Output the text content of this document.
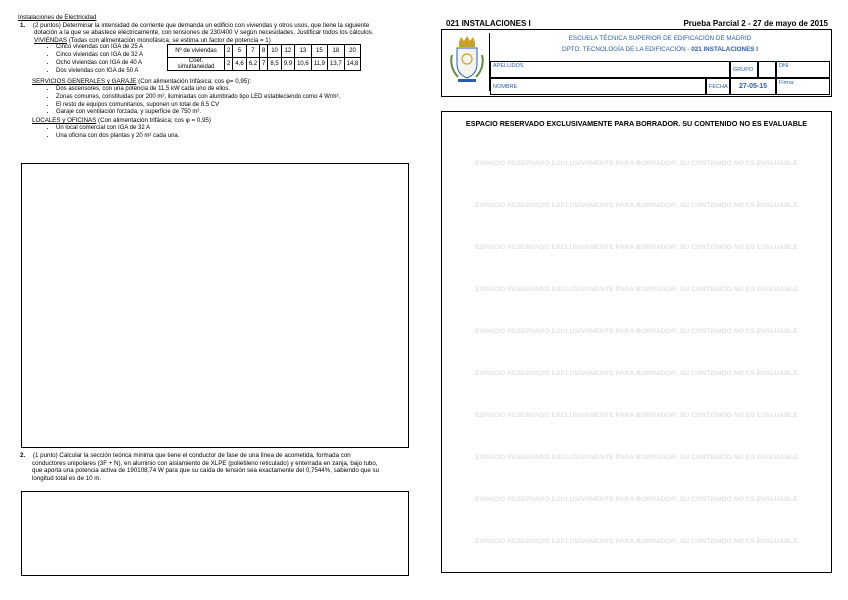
Instalaciones de Electricidad
1. (2 puntos) Determinar la intensidad de corriente que demanda un edificio con viviendas y otros usos, que tiene la siguiente
dotación a la que se abastece eléctricamente, con tensiones de 230/400 V según necesidades. Justificar todos los cálculos.
VIVIENDAS (Todas con alimentación monofásica; se estima un factor de potencia = 1)
• Cinco viviendas con IGA de 25 A
• Cinco viviendas con IGA de 32 A
• Ocho viviendas con IGA de 40 A
• Dos viviendas con IGA de 50 A
Nº de viviendas	2	5	7	8	10	12	13	15	18	20
Coef. simultaneidad	2	4,6	6,2	7	8,5	9,9	10,6	11,9	13,7	14,8
SERVICIOS GENERALES y GARAJE (Con alimentación trifásica; cos φ= 0,95):
• Dos ascensores, con una potencia de 11,5 kW cada uno de ellos.
• Zonas comunes, constituidas por 200 m², iluminadas con alumbrado tipo LED estableciendo como 4 W/m².
• El resto de equipos comunitarios, suponen un total de 8,5 CV
• Garaje con ventilación forzada, y superficie de 750 m².
LOCALES y OFICINAS (Con alimentación trifásica; cos φ = 0,95)
• Un local comercial con IGA de 32 A
• Una oficina con dos plantas y 20 m² cada una.
2. (1 punto) Calcular la sección teórica mínima que tiene el conductor de fase de una línea de acometida, formada con
conductores unipolares (3F + N), en aluminio con aislamiento de XLPE (polietileno reticulado) y enterrada en zanja, bajo tubo,
que aporta una potencia activa de 190108,74 W para que su caída de tensión sea exactamente del 0,7544%, sabiendo que su
longitud total es de 10 m.
021 INSTALACIONES I	Prueba Parcial 2 - 27 de mayo de 2015
ESCUELA TÉCNICA SUPERIOR DE EDIFICACIÓN DE MADRID
DPTO. TECNOLOGÍA DE LA EDIFICACIÓN - 021 INSTALACIONES I
APELLIDOS
GRUPO
DNI
NOMBRE	FECHA	27-05-15	Firma:
ESPACIO RESERVADO EXCLUSIVAMENTE PARA BORRADOR. SU CONTENIDO NO ES EVALUABLE
ESPACIO RESERVADO EXCLUSIVAMENTE PARA BORRADOR. SU CONTENIDO NO ES EVALUABLE
ESPACIO RESERVADO EXCLUSIVAMENTE PARA BORRADOR. SU CONTENIDO NO ES EVALUABLE
ESPACIO RESERVADO EXCLUSIVAMENTE PARA BORRADOR. SU CONTENIDO NO ES EVALUABLE
ESPACIO RESERVADO EXCLUSIVAMENTE PARA BORRADOR. SU CONTENIDO NO ES EVALUABLE
ESPACIO RESERVADO EXCLUSIVAMENTE PARA BORRADOR. SU CONTENIDO NO ES EVALUABLE
ESPACIO RESERVADO EXCLUSIVAMENTE PARA BORRADOR. SU CONTENIDO NO ES EVALUABLE
ESPACIO RESERVADO EXCLUSIVAMENTE PARA BORRADOR. SU CONTENIDO NO ES EVALUABLE
ESPACIO RESERVADO EXCLUSIVAMENTE PARA BORRADOR. SU CONTENIDO NO ES EVALUABLE
ESPACIO RESERVADO EXCLUSIVAMENTE PARA BORRADOR. SU CONTENIDO NO ES EVALUABLE
ESPACIO RESERVADO EXCLUSIVAMENTE PARA BORRADOR. SU CONTENIDO NO ES EVALUABLE
